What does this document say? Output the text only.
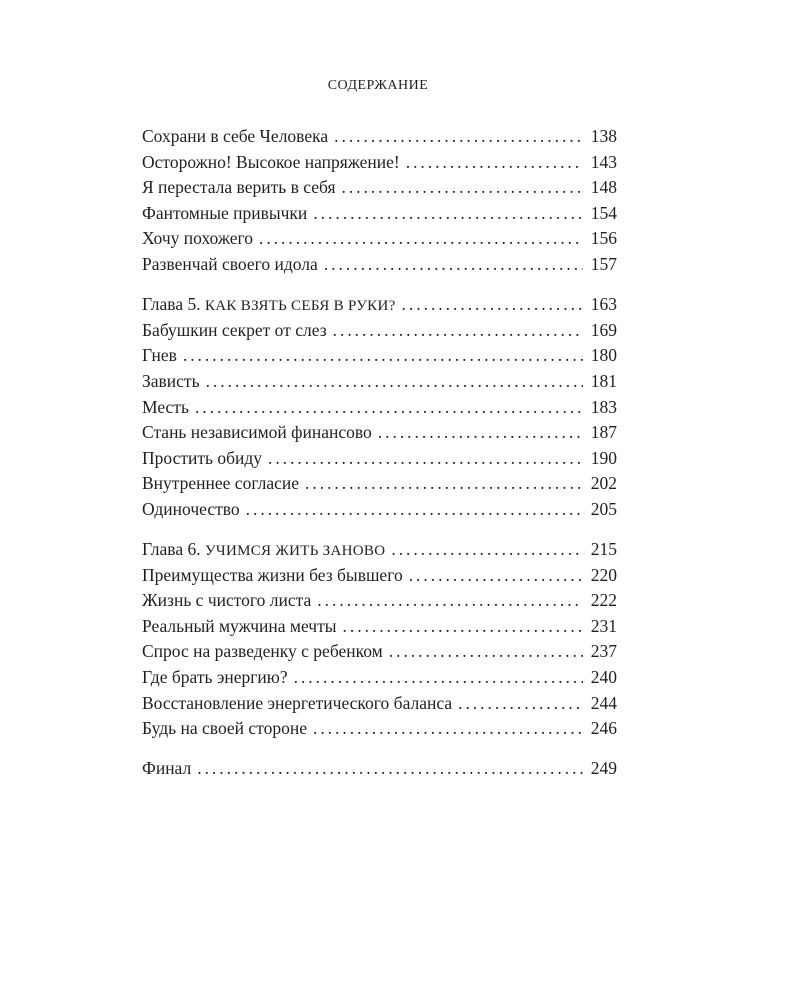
СОДЕРЖАНИЕ
Сохрани в себе Человека . . .	138
Осторожно! Высокое напряжение! . . .	143
Я перестала верить в себя . . .	148
Фантомные привычки . . .	154
Хочу похожего . . .	156
Развенчай своего идола . . .	157
Глава 5. КАК ВЗЯТЬ СЕБЯ В РУКИ? . . .	163
Бабушкин секрет от слез . . .	169
Гнев . . .	180
Зависть . . .	181
Месть . . .	183
Стань независимой финансово . . .	187
Простить обиду . . .	190
Внутреннее согласие . . .	202
Одиночество . . .	205
Глава 6. УЧИМСЯ ЖИТЬ ЗАНОВО . . .	215
Преимущества жизни без бывшего . . .	220
Жизнь с чистого листа . . .	222
Реальный мужчина мечты . . .	231
Спрос на разведенку с ребенком . . .	237
Где брать энергию? . . .	240
Восстановление энергетического баланса . . .	244
Будь на своей стороне . . .	246
Финал . . .	249
